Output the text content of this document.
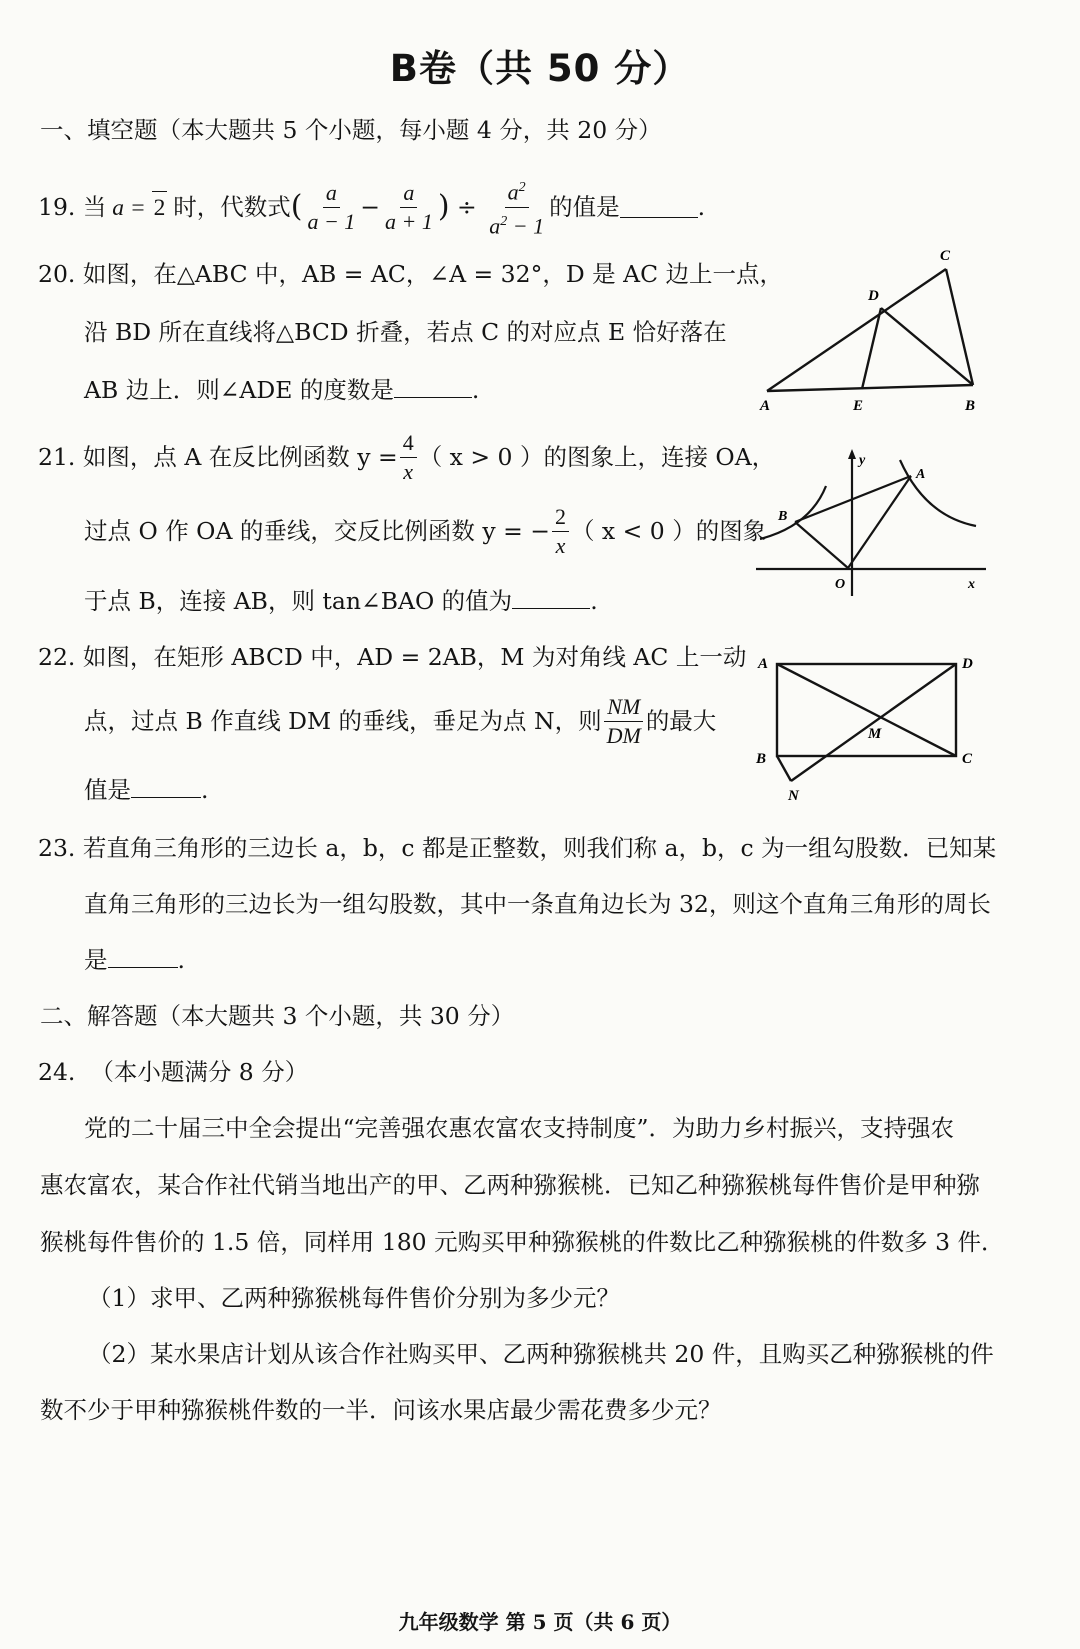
B卷（共 50 分）
一、填空题（本大题共 5 个小题，每小题 4 分，共 20 分）
19.
当 a = 2 时，代数式 ( $\frac{a}{a - 1} - \frac{a}{a + 1}$ ) ÷ $\frac{a^2}{a^2 - 1}$ 的值是	.
20. 如图，在△ABC 中，AB = AC，∠A = 32°，D 是 AC 边上一点，
沿 BD 所在直线将△BCD 折叠，若点 C 的对应点 E 恰好落在
AB 边上．则∠ADE 的度数是	.
C
D
A	E	B
21.
如图，点 A 在反比例函数 $y = \frac{4}{x}$ （ x > 0 ）的图象上，连接 OA，
过点 O 作 OA 的垂线，交反比例函数 y = − $\frac{2}{x}$ （ x < 0 ）的图象
于点 B，连接 AB，则 tan∠BAO 的值为	.
y
A
B
O	x
22. 如图，在矩形 ABCD 中，AD = 2AB，M 为对角线 AC 上一动
点，过点 B 作直线 DM 的垂线，垂足为点 N，则 $\frac{NM}{DM}$ 的最大
值是	.
A	D
M
B	C
N
23. 若直角三角形的三边长 a，b，c 都是正整数，则我们称 a，b，c 为一组勾股数．已知某
直角三角形的三边长为一组勾股数，其中一条直角边长为 32，则这个直角三角形的周长
是	.
二、解答题（本大题共 3 个小题，共 30 分）
24. （本小题满分 8 分）
党的二十届三中全会提出“完善强农惠农富农支持制度”．为助力乡村振兴，支持强农
惠农富农，某合作社代销当地出产的甲、乙两种猕猴桃．已知乙种猕猴桃每件售价是甲种猕
猴桃每件售价的 1.5 倍，同样用 180 元购买甲种猕猴桃的件数比乙种猕猴桃的件数多 3 件．
（1）求甲、乙两种猕猴桃每件售价分别为多少元？
（2）某水果店计划从该合作社购买甲、乙两种猕猴桃共 20 件，且购买乙种猕猴桃的件
数不少于甲种猕猴桃件数的一半．问该水果店最少需花费多少元？
九年级数学 第 5 页（共 6 页）
